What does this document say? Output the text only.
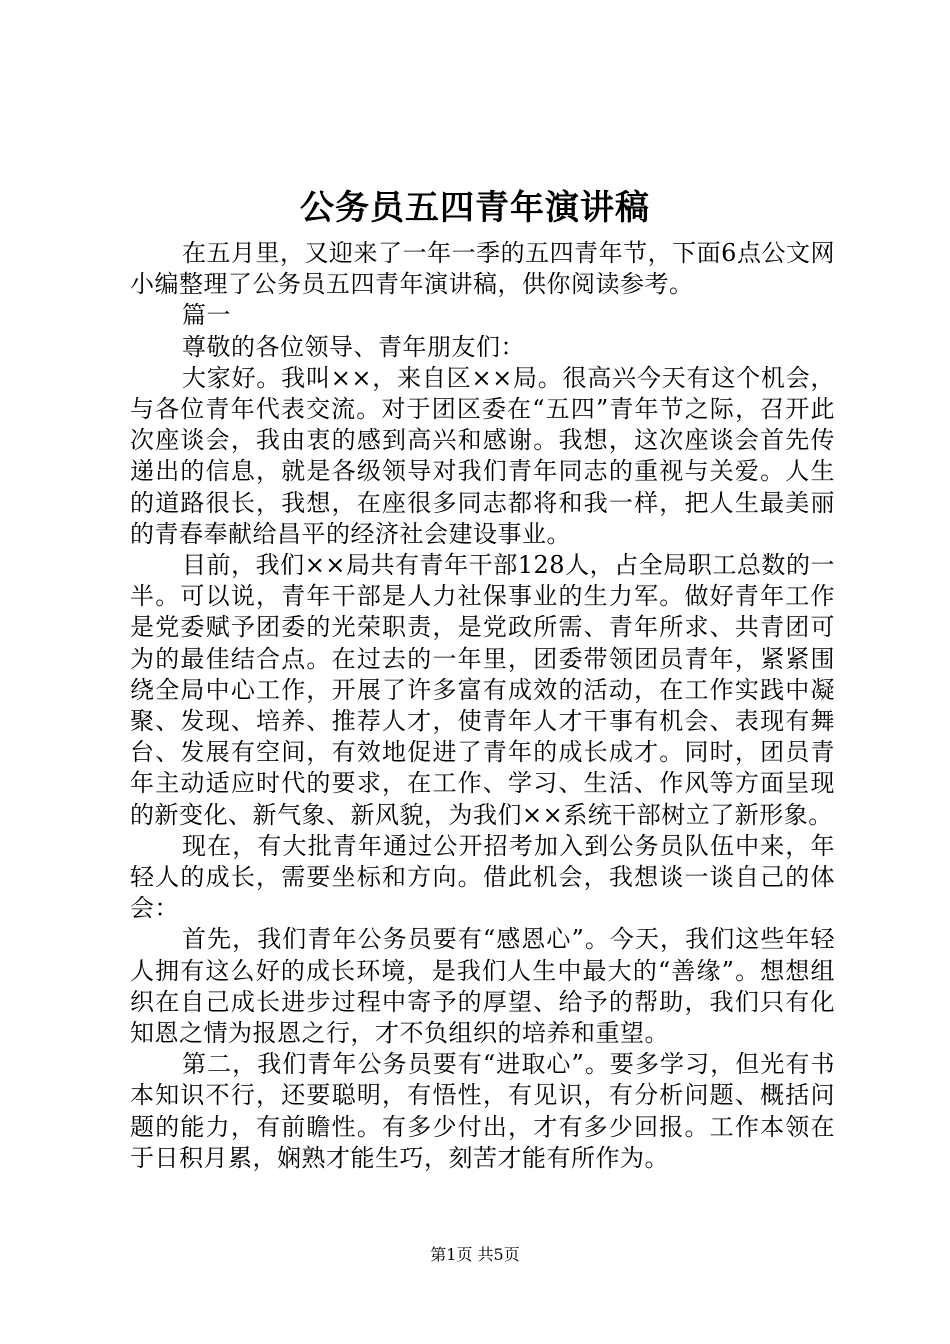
公务员五四青年演讲稿

在五月里，又迎来了一年一季的五四青年节，下面6点公文网小编整理了公务员五四青年演讲稿，供你阅读参考。

篇一

尊敬的各位领导、青年朋友们：

大家好。我叫××，来自区××局。很高兴今天有这个机会，与各位青年代表交流。对于团区委在“五四”青年节之际，召开此次座谈会，我由衷的感到高兴和感谢。我想，这次座谈会首先传递出的信息，就是各级领导对我们青年同志的重视与关爱。人生的道路很长，我想，在座很多同志都将和我一样，把人生最美丽的青春奉献给昌平的经济社会建设事业。

目前，我们××局共有青年干部128人，占全局职工总数的一半。可以说，青年干部是人力社保事业的生力军。做好青年工作是党委赋予团委的光荣职责，是党政所需、青年所求、共青团可为的最佳结合点。在过去的一年里，团委带领团员青年，紧紧围绕全局中心工作，开展了许多富有成效的活动，在工作实践中凝聚、发现、培养、推荐人才，使青年人才干事有机会、表现有舞台、发展有空间，有效地促进了青年的成长成才。同时，团员青年主动适应时代的要求，在工作、学习、生活、作风等方面呈现的新变化、新气象、新风貌，为我们××系统干部树立了新形象。

现在，有大批青年通过公开招考加入到公务员队伍中来，年轻人的成长，需要坐标和方向。借此机会，我想谈一谈自己的体会：

首先，我们青年公务员要有“感恩心”。今天，我们这些年轻人拥有这么好的成长环境，是我们人生中最大的“善缘”。想想组织在自己成长进步过程中寄予的厚望、给予的帮助，我们只有化知恩之情为报恩之行，才不负组织的培养和重望。

第二，我们青年公务员要有“进取心”。要多学习，但光有书本知识不行，还要聪明，有悟性，有见识，有分析问题、概括问题的能力，有前瞻性。有多少付出，才有多少回报。工作本领在于日积月累，娴熟才能生巧，刻苦才能有所作为。

第1页 共5页
